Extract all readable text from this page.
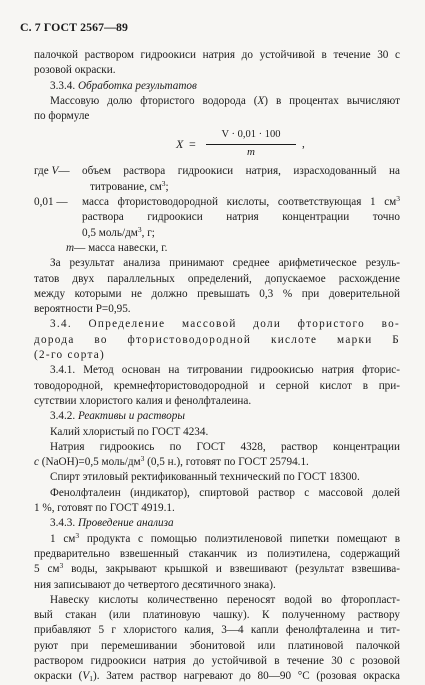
С. 7 ГОСТ 2567—89

палочкой раствором гидроокиси натрия до устойчивой в течение 30 с

розовой окраски.

3.3.4. Обработка результатов

Массовую долю фтористого водорода (X) в процентах вычисляют

по формуле

X =
V · 0,01 · 100
m
,
где V — объем раствора гидроокиси натрия, израсходованный на
титрование, $см^3$;
0,01 —	масса фтористоводородной кислоты, соответствующая 1 $см^3$
раствора гидроокиси натрия концентрации точно
0,5 моль/$дм^3$, г;
m — масса навески, г.

За результат анализа принимают среднее арифметическое резуль-

татов двух параллельных определений, допускаемое расхождение

между которыми не должно превышать 0,3 % при доверительной

вероятности P=0,95.

3.4. Определение массовой доли фтористого во-

дорода во фтористоводородной кислоте марки Б

(2-го сорта)

3.4.1. Метод основан на титровании гидроокисью натрия фторис-

товодородной, кремнефтористоводородной и серной кислот в при-

сутствии хлористого калия и фенолфталеина.

3.4.2. Реактивы и растворы

Калий хлористый по ГОСТ 4234.

Натрия гидроокись по ГОСТ 4328, раствор концентрации

c (NaOH)=0,5 моль/$дм^3$ (0,5 н.), готовят по ГОСТ 25794.1.

Спирт этиловый ректификованный технический по ГОСТ 18300.

Фенолфталеин (индикатор), спиртовой раствор с массовой долей

1 %, готовят по ГОСТ 4919.1.

3.4.3. Проведение анализа

1 $см^3$ продукта с помощью полиэтиленовой пипетки помещают в

предварительно взвешенный стаканчик из полиэтилена, содержащий

5 $см^3$ воды, закрывают крышкой и взвешивают (результат взвешива-

ния записывают до четвертого десятичного знака).

Навеску кислоты количественно переносят водой во фторопласт-

вый стакан (или платиновую чашку). К полученному раствору

прибавляют 5 г хлористого калия, 3—4 капли фенолфталеина и тит-

руют при перемешивании эбонитовой или платиновой палочкой

раствором гидроокиси натрия до устойчивой в течение 30 с розовой

окраски $(V_1)$. Затем раствор нагревают до 80—90 °С (розовая окраска
